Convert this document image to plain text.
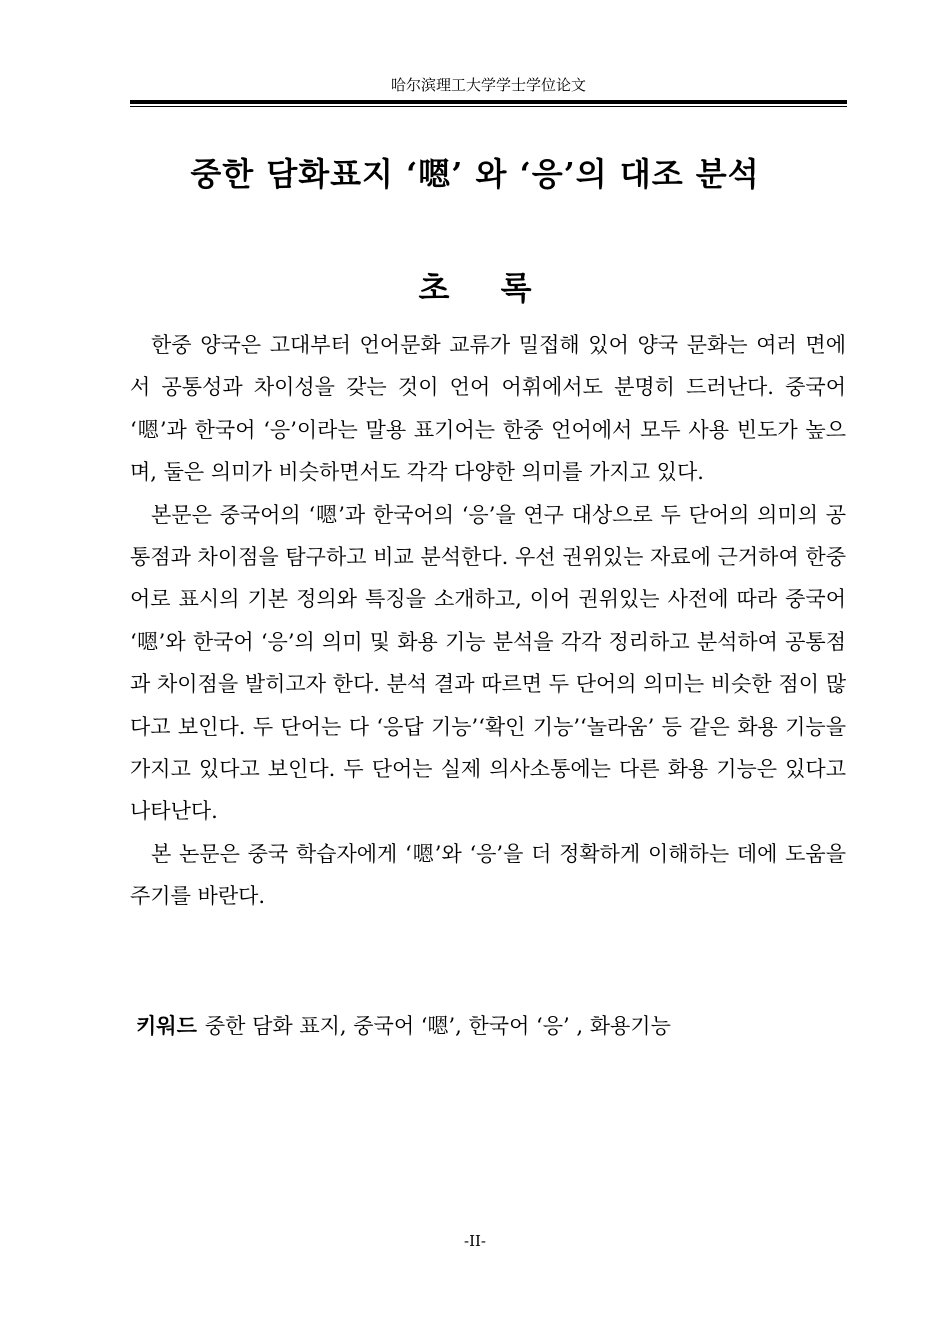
哈尔滨理工大学学士学位论文
중한 담화표지 ‘嗯’ 와 ‘응’의 대조 분석
초 록

한중 양국은 고대부터 언어문화 교류가 밀접해 있어 양국 문화는 여러 면에서 공통성과 차이성을 갖는 것이 언어 어휘에서도 분명히 드러난다. 중국어 ‘嗯’과 한국어 ‘응’이라는 말용 표기어는 한중 언어에서 모두 사용 빈도가 높으며, 둘은 의미가 비슷하면서도 각각 다양한 의미를 가지고 있다.

본문은 중국어의 ‘嗯’과 한국어의 ‘응’을 연구 대상으로 두 단어의 의미의 공통점과 차이점을 탐구하고 비교 분석한다. 우선 권위있는 자료에 근거하여 한중어로 표시의 기본 정의와 특징을 소개하고, 이어 권위있는 사전에 따라 중국어 ‘嗯’와 한국어 ‘응’의 의미 및 화용 기능 분석을 각각 정리하고 분석하여 공통점과 차이점을 발히고자 한다. 분석 결과 따르면 두 단어의 의미는 비슷한 점이 많다고 보인다. 두 단어는 다 ‘응답 기능’‘확인 기능’‘놀라움’ 등 같은 화용 기능을 가지고 있다고 보인다. 두 단어는 실제 의사소통에는 다른 화용 기능은 있다고 나타난다.

본 논문은 중국 학습자에게 ‘嗯’와 ‘응’을 더 정확하게 이해하는 데에 도움을 주기를 바란다.

키워드 중한 담화 표지, 중국어 ‘嗯’, 한국어 ‘응’ , 화용기능
-II-
